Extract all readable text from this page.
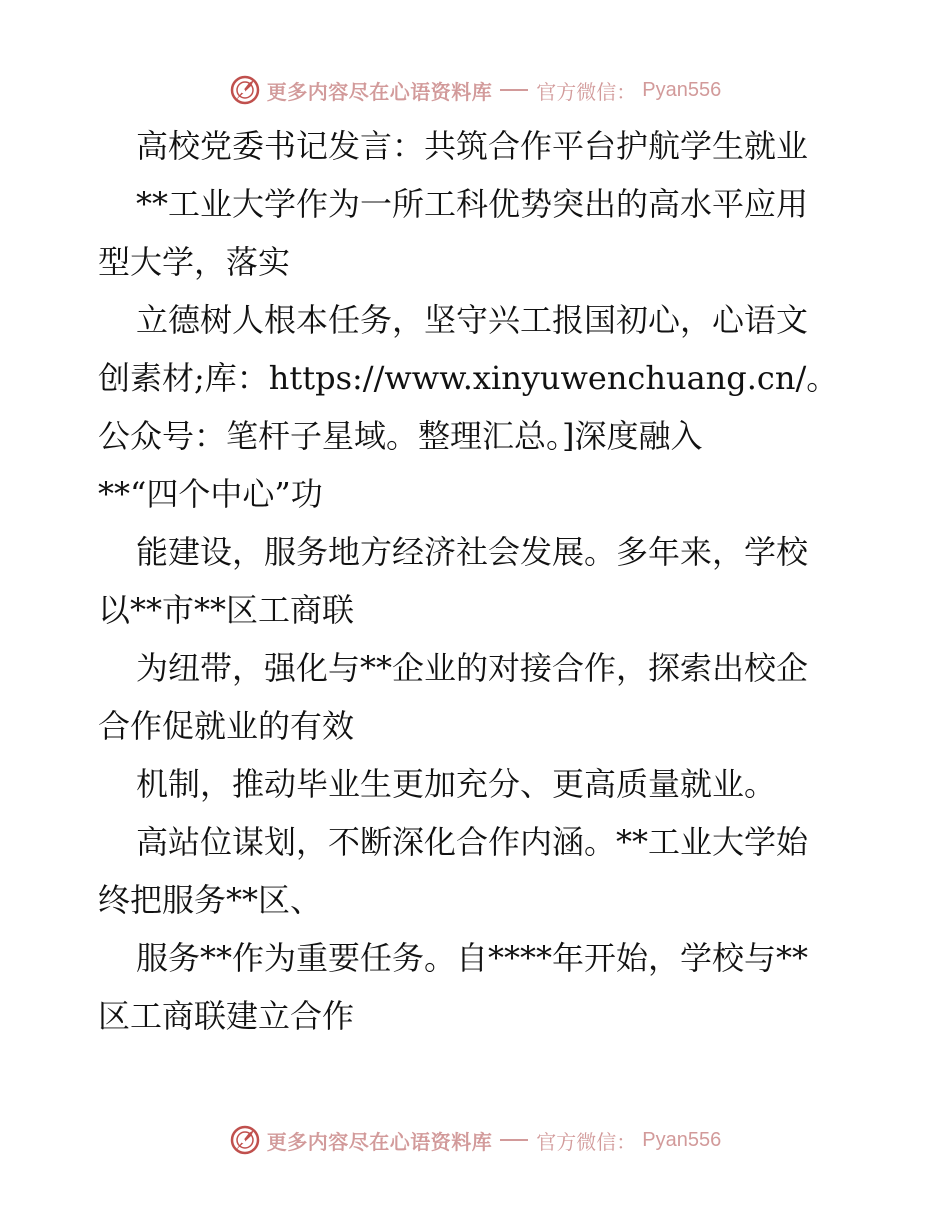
更多内容尽在心语资料库 官方微信： Pyan556
高校党委书记发言：共筑合作平台护航学生就业
**工业大学作为一所工科优势突出的高水平应用
型大学，落实
立德树人根本任务，坚守兴工报国初心，心语文
创素材;库：https://www.xinyuwenchuang.cn/。
公众号：笔杆子星域。整理汇总。]深度融入
**“四个中心”功
能建设，服务地方经济社会发展。多年来，学校
以**市**区工商联
为纽带，强化与**企业的对接合作，探索出校企
合作促就业的有效
机制，推动毕业生更加充分、更高质量就业。
高站位谋划，不断深化合作内涵。**工业大学始
终把服务**区、
服务**作为重要任务。自****年开始，学校与**
区工商联建立合作
更多内容尽在心语资料库 官方微信： Pyan556
